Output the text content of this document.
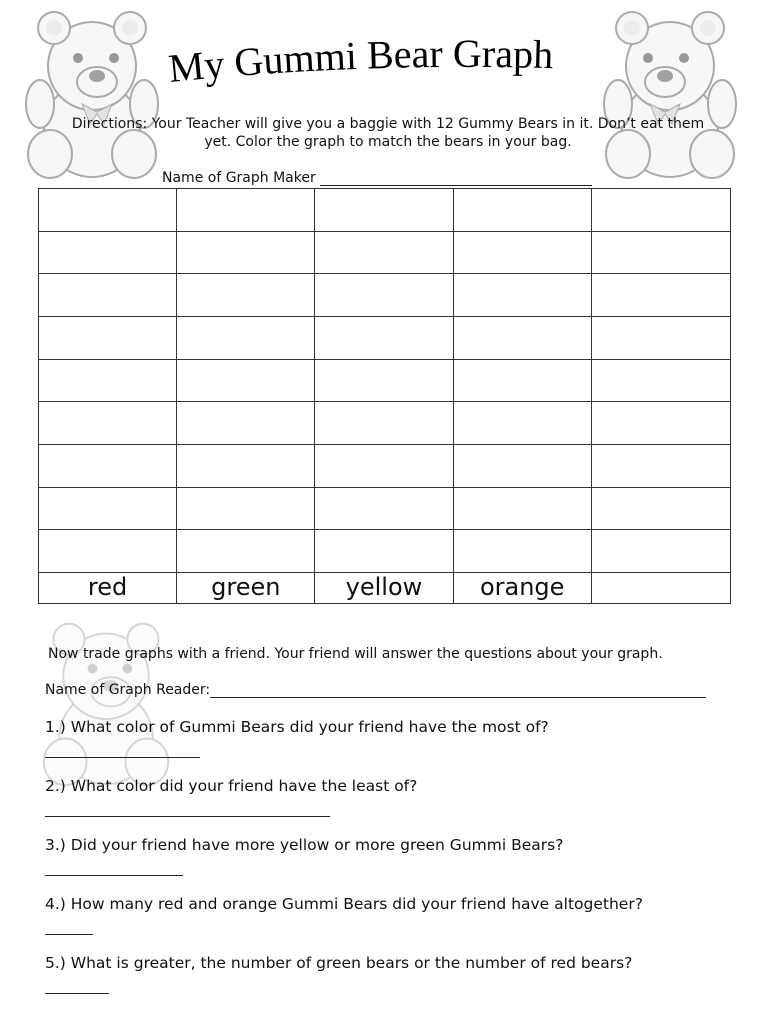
My Gummi Bear Graph
Directions: Your Teacher will give you a baggie with 12 Gummy Bears in it. Don’t eat them yet. Color the graph to match the bears in your bag.
Name of Graph Maker
red	green	yellow	orange
Now trade graphs with a friend. Your friend will answer the questions about your graph.
Name of Graph Reader:
1.) What color of Gummi Bears did your friend have the most of?
2.) What color did your friend have the least of?
3.) Did your friend have more yellow or more green Gummi Bears?
4.) How many red and orange Gummi Bears did your friend have altogether?
5.) What is greater, the number of green bears or the number of red bears?
